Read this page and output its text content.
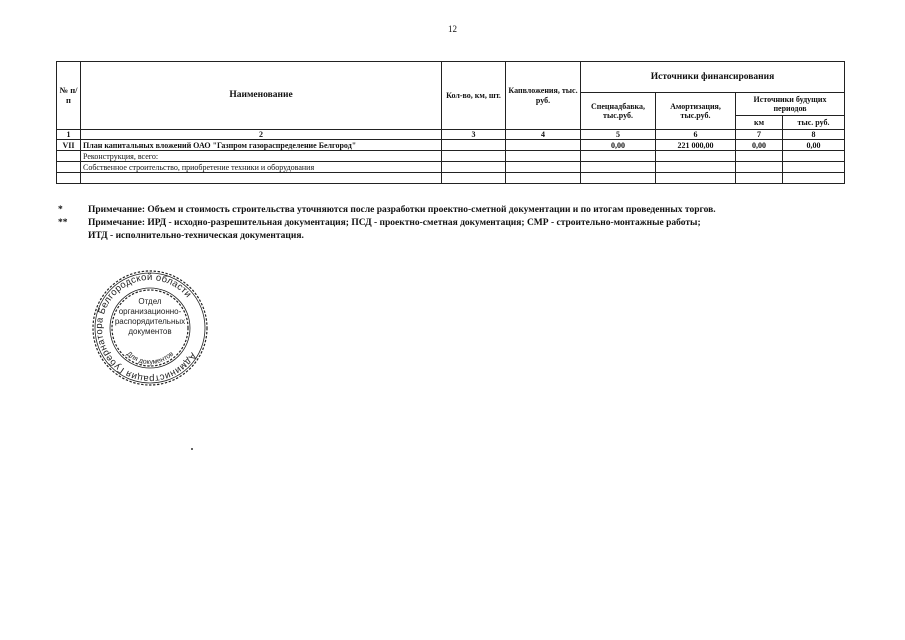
12
№ п/п	Наименование	Кол-во, км, шт.	Капвложения, тыс. руб.	Источники финансирования			
				Спецнадбавка, тыс.руб.	Амортизация, тыс.руб.	Источники будущих периодов	
						км	тыс. руб.
1	2	3	4	5	6	7	8
VII	План капитальных вложений ОАО "Газпром газораспределение Белгород"			0,00	221 000,00	0,00	0,00
	Реконструкция, всего:						
	Собственное строительство, приобретение техники и оборудования						

*	Примечание: Объем и стоимость строительства уточняются после разработки проектно-сметной документации и по итогам проведенных торгов.
** Примечание: ИРД - исходно-разрешительная документация; ПСД - проектно-сметная документация; СМР - строительно-монтажные работы;
ИТД - исполнительно-техническая документация.
Администрация Губернатора Белгородской области
Для документов
Отдел
организационно-
распорядительных
документов
